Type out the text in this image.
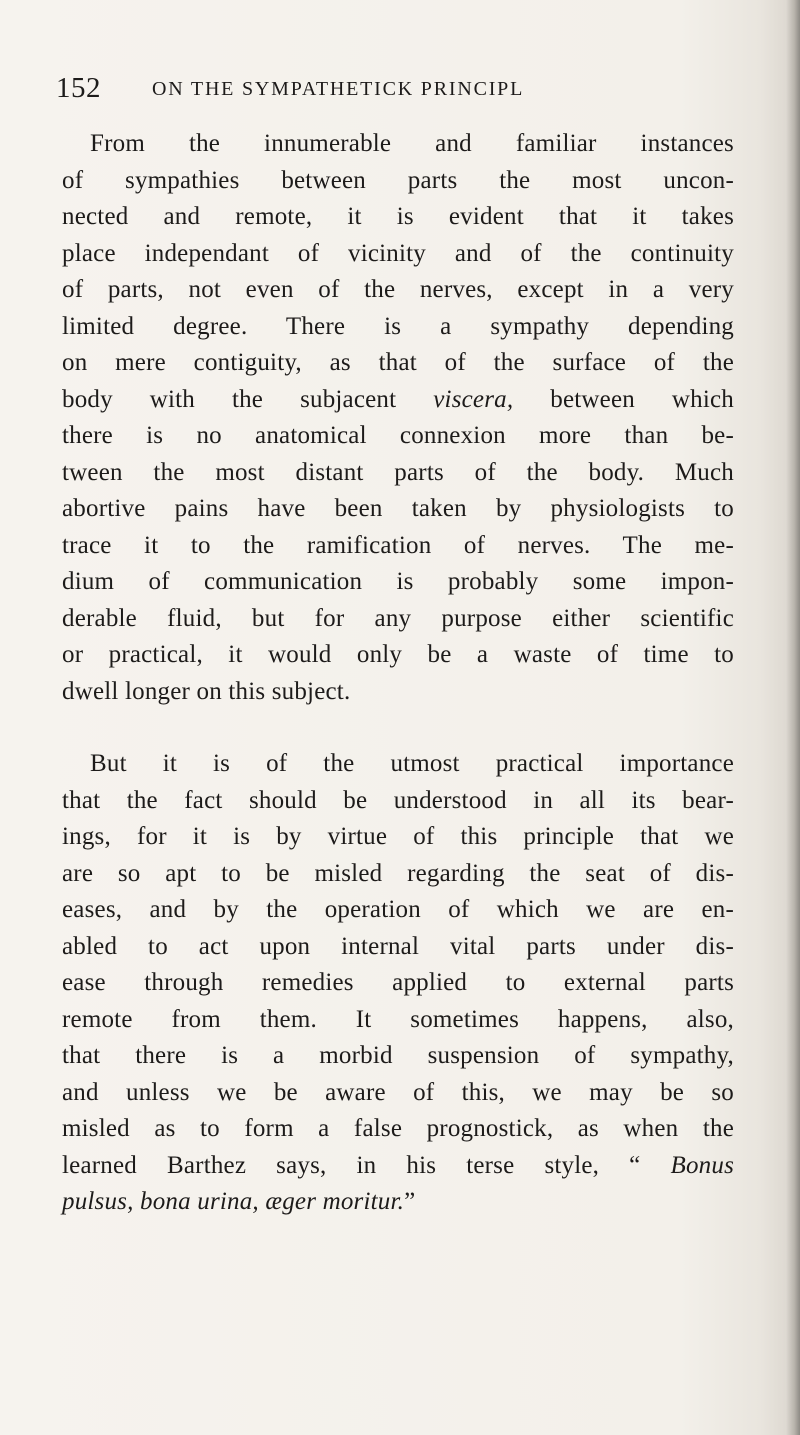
152	ON THE SYMPATHETICK PRINCIPL
From the innumerable and familiar instances
of sympathies between parts the most uncon-
nected and remote, it is evident that it takes
place independant of vicinity and of the continuity
of parts, not even of the nerves, except in a very
limited degree. There is a sympathy depending
on mere contiguity, as that of the surface of the
body with the subjacent viscera, between which
there is no anatomical connexion more than be-
tween the most distant parts of the body. Much
abortive pains have been taken by physiologists to
trace it to the ramification of nerves. The me-
dium of communication is probably some impon-
derable fluid, but for any purpose either scientific
or practical, it would only be a waste of time to
dwell longer on this subject.
But it is of the utmost practical importance
that the fact should be understood in all its bear-
ings, for it is by virtue of this principle that we
are so apt to be misled regarding the seat of dis-
eases, and by the operation of which we are en-
abled to act upon internal vital parts under dis-
ease through remedies applied to external parts
remote from them. It sometimes happens, also,
that there is a morbid suspension of sympathy,
and unless we be aware of this, we may be so
misled as to form a false prognostick, as when the
learned Barthez says, in his terse style, “ Bonus
pulsus, bona urina, æger moritur.”
